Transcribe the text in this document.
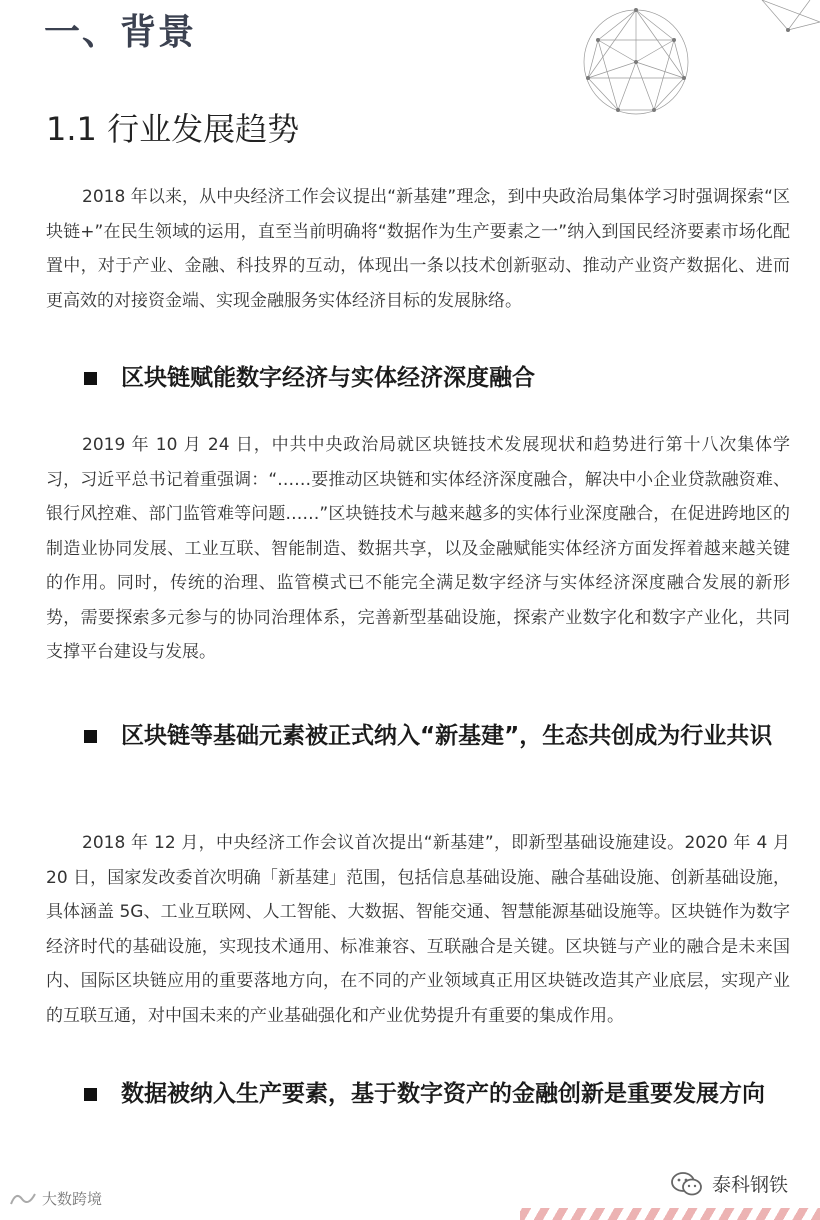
一、背景
1.1 行业发展趋势

2018 年以来，从中央经济工作会议提出“新基建”理念，到中央政治局集体学习时强调探索“区块链+”在民生领域的运用，直至当前明确将“数据作为生产要素之一”纳入到国民经济要素市场化配置中，对于产业、金融、科技界的互动，体现出一条以技术创新驱动、推动产业资产数据化、进而更高效的对接资金端、实现金融服务实体经济目标的发展脉络。

区块链赋能数字经济与实体经济深度融合

2019 年 10 月 24 日，中共中央政治局就区块链技术发展现状和趋势进行第十八次集体学习，习近平总书记着重强调：“……要推动区块链和实体经济深度融合，解决中小企业贷款融资难、银行风控难、部门监管难等问题……”区块链技术与越来越多的实体行业深度融合，在促进跨地区的制造业协同发展、工业互联、智能制造、数据共享，以及金融赋能实体经济方面发挥着越来越关键的作用。同时，传统的治理、监管模式已不能完全满足数字经济与实体经济深度融合发展的新形势，需要探索多元参与的协同治理体系，完善新型基础设施，探索产业数字化和数字产业化，共同支撑平台建设与发展。

区块链等基础元素被正式纳入“新基建”，生态共创成为行业共识

2018 年 12 月，中央经济工作会议首次提出“新基建”，即新型基础设施建设。2020 年 4 月 20 日，国家发改委首次明确「新基建」范围，包括信息基础设施、融合基础设施、创新基础设施，具体涵盖 5G、工业互联网、人工智能、大数据、智能交通、智慧能源基础设施等。区块链作为数字经济时代的基础设施，实现技术通用、标准兼容、互联融合是关键。区块链与产业的融合是未来国内、国际区块链应用的重要落地方向，在不同的产业领域真正用区块链改造其产业底层，实现产业的互联互通，对中国未来的产业基础强化和产业优势提升有重要的集成作用。

数据被纳入生产要素，基于数字资产的金融创新是重要发展方向
大数跨境
泰科钢铁
